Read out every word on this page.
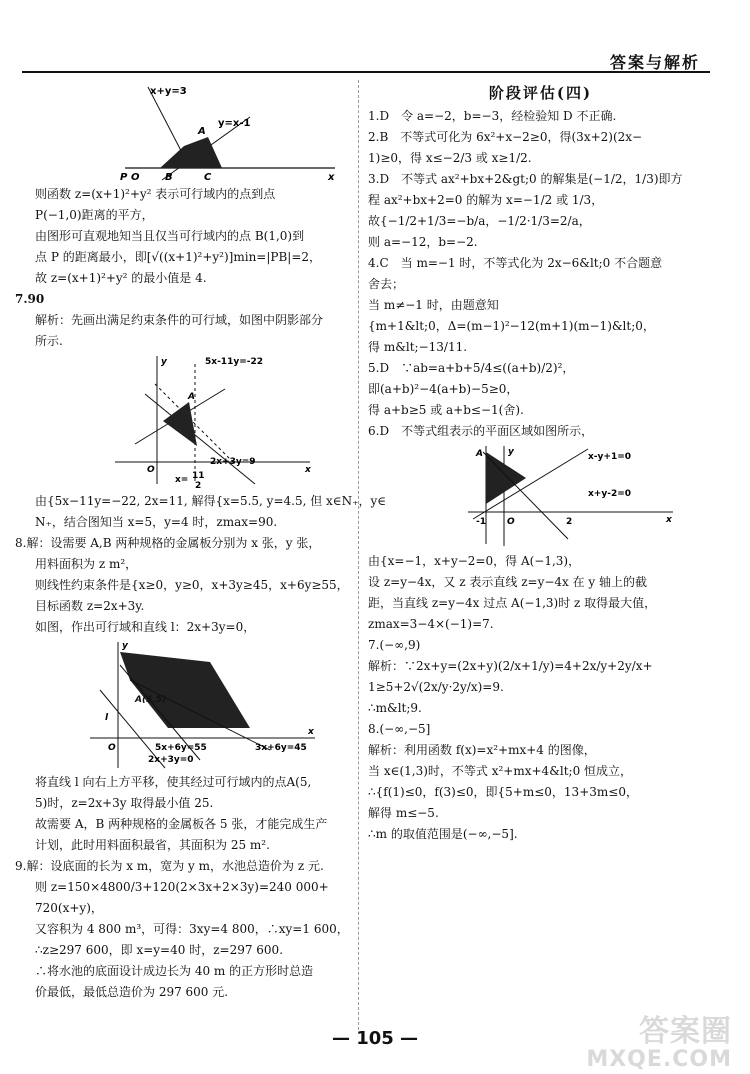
答案与解析
x+y=3
y=x-1
A
P O	B	C	x
则函数 z=(x+1)²+y² 表示可行域内的点到点
P(−1,0)距离的平方，
由图形可直观地知当且仅当可行域内的点 B(1,0)到
点 P 的距离最小，即[√((x+1)²+y²)]min=|PB|=2，
故 z=(x+1)²+y² 的最小值是 4.
7.90
解析：先画出满足约束条件的可行域，如图中阴影部分
所示.
5x-11y=-22
2x+3y=9
A
O	x
y
x= 11
2
由{5x−11y=−22, 2x=11, 解得{x=5.5, y=4.5, 但 x∈N₊，y∈
N₊，结合图知当 x=5，y=4 时，zmax=90.
8.解：设需要 A,B 两种规格的金属板分别为 x 张，y 张，
用料面积为 z m²，
则线性约束条件是{x≥0，y≥0，x+3y≥45，x+6y≥55，
目标函数 z=2x+3y.
如图，作出可行域和直线 l：2x+3y=0，
A(5,5)
l
O
x
y
5x+6y=55
2x+3y=0
3x+6y=45
将直线 l 向右上方平移，使其经过可行域内的点A(5,
5)时，z=2x+3y 取得最小值 25.
故需要 A，B 两种规格的金属板各 5 张，才能完成生产
计划，此时用料面积最省，其面积为 25 m².
9.解：设底面的长为 x m，宽为 y m，水池总造价为 z 元.
则 z=150×4800/3+120(2×3x+2×3y)=240 000+
720(x+y)，
又容积为 4 800 m³，可得：3xy=4 800，∴xy=1 600，
∴z≥297 600，即 x=y=40 时，z=297 600.
∴将水池的底面设计成边长为 40 m 的正方形时总造
价最低，最低总造价为 297 600 元.
阶段评估(四)
1.D　令 a=−2，b=−3，经检验知 D 不正确.
2.B　不等式可化为 6x²+x−2≥0，得(3x+2)(2x−
1)≥0，得 x≤−2/3 或 x≥1/2.
3.D　不等式 ax²+bx+2&gt;0 的解集是(−1/2，1/3)即方
程 ax²+bx+2=0 的解为 x=−1/2 或 1/3，
故{−1/2+1/3=−b/a，−1/2·1/3=2/a，
则 a=−12，b=−2.
4.C　当 m=−1 时，不等式化为 2x−6&lt;0 不合题意
舍去；
当 m≠−1 时，由题意知
{m+1&lt;0，Δ=(m−1)²−12(m+1)(m−1)&lt;0，
得 m&lt;−13/11.
5.D　∵ab=a+b+5/4≤((a+b)/2)²，
即(a+b)²−4(a+b)−5≥0，
得 a+b≥5 或 a+b≤−1(舍).
6.D　不等式组表示的平面区域如图所示，
A	x-y+1=0
x+y-2=0
-1 O	2	x
y
由{x=−1，x+y−2=0，得 A(−1,3)，
设 z=y−4x，又 z 表示直线 z=y−4x 在 y 轴上的截
距，当直线 z=y−4x 过点 A(−1,3)时 z 取得最大值，
zmax=3−4×(−1)=7.
7.(−∞,9)
解析：∵2x+y=(2x+y)(2/x+1/y)=4+2x/y+2y/x+
1≥5+2√(2x/y·2y/x)=9.
∴m&lt;9.
8.(−∞,−5]
解析：利用函数 f(x)=x²+mx+4 的图像，
当 x∈(1,3)时，不等式 x²+mx+4&lt;0 恒成立，
∴{f(1)≤0，f(3)≤0，即{5+m≤0，13+3m≤0，
解得 m≤−5.
∴m 的取值范围是(−∞,−5].
— 105 —	答案圈
MXQE.COM
